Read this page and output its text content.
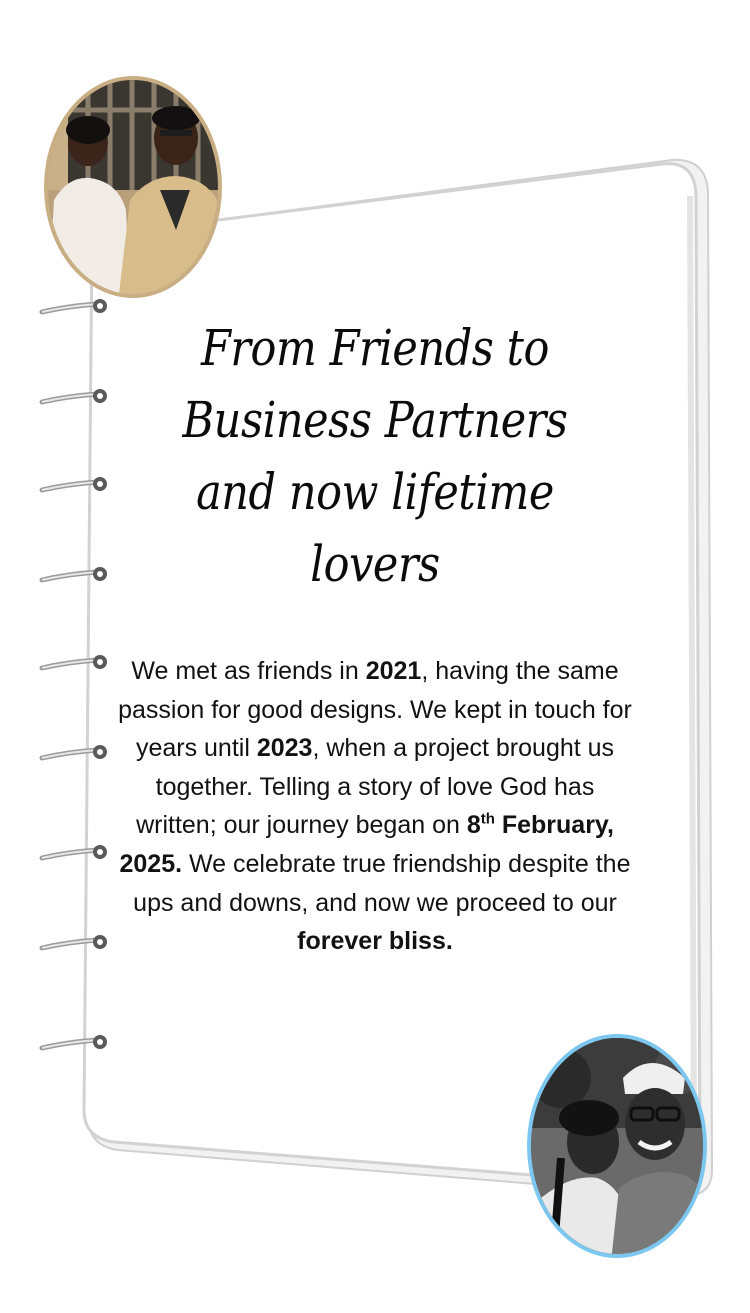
From Friends to
Business Partners
and now lifetime
lovers
We met as friends in 2021, having the same passion for good designs. We kept in touch for years until 2023, when a project brought us together. Telling a story of love God has written; our journey began on 8th February, 2025. We celebrate true friendship despite the ups and downs, and now we proceed to our forever bliss.
